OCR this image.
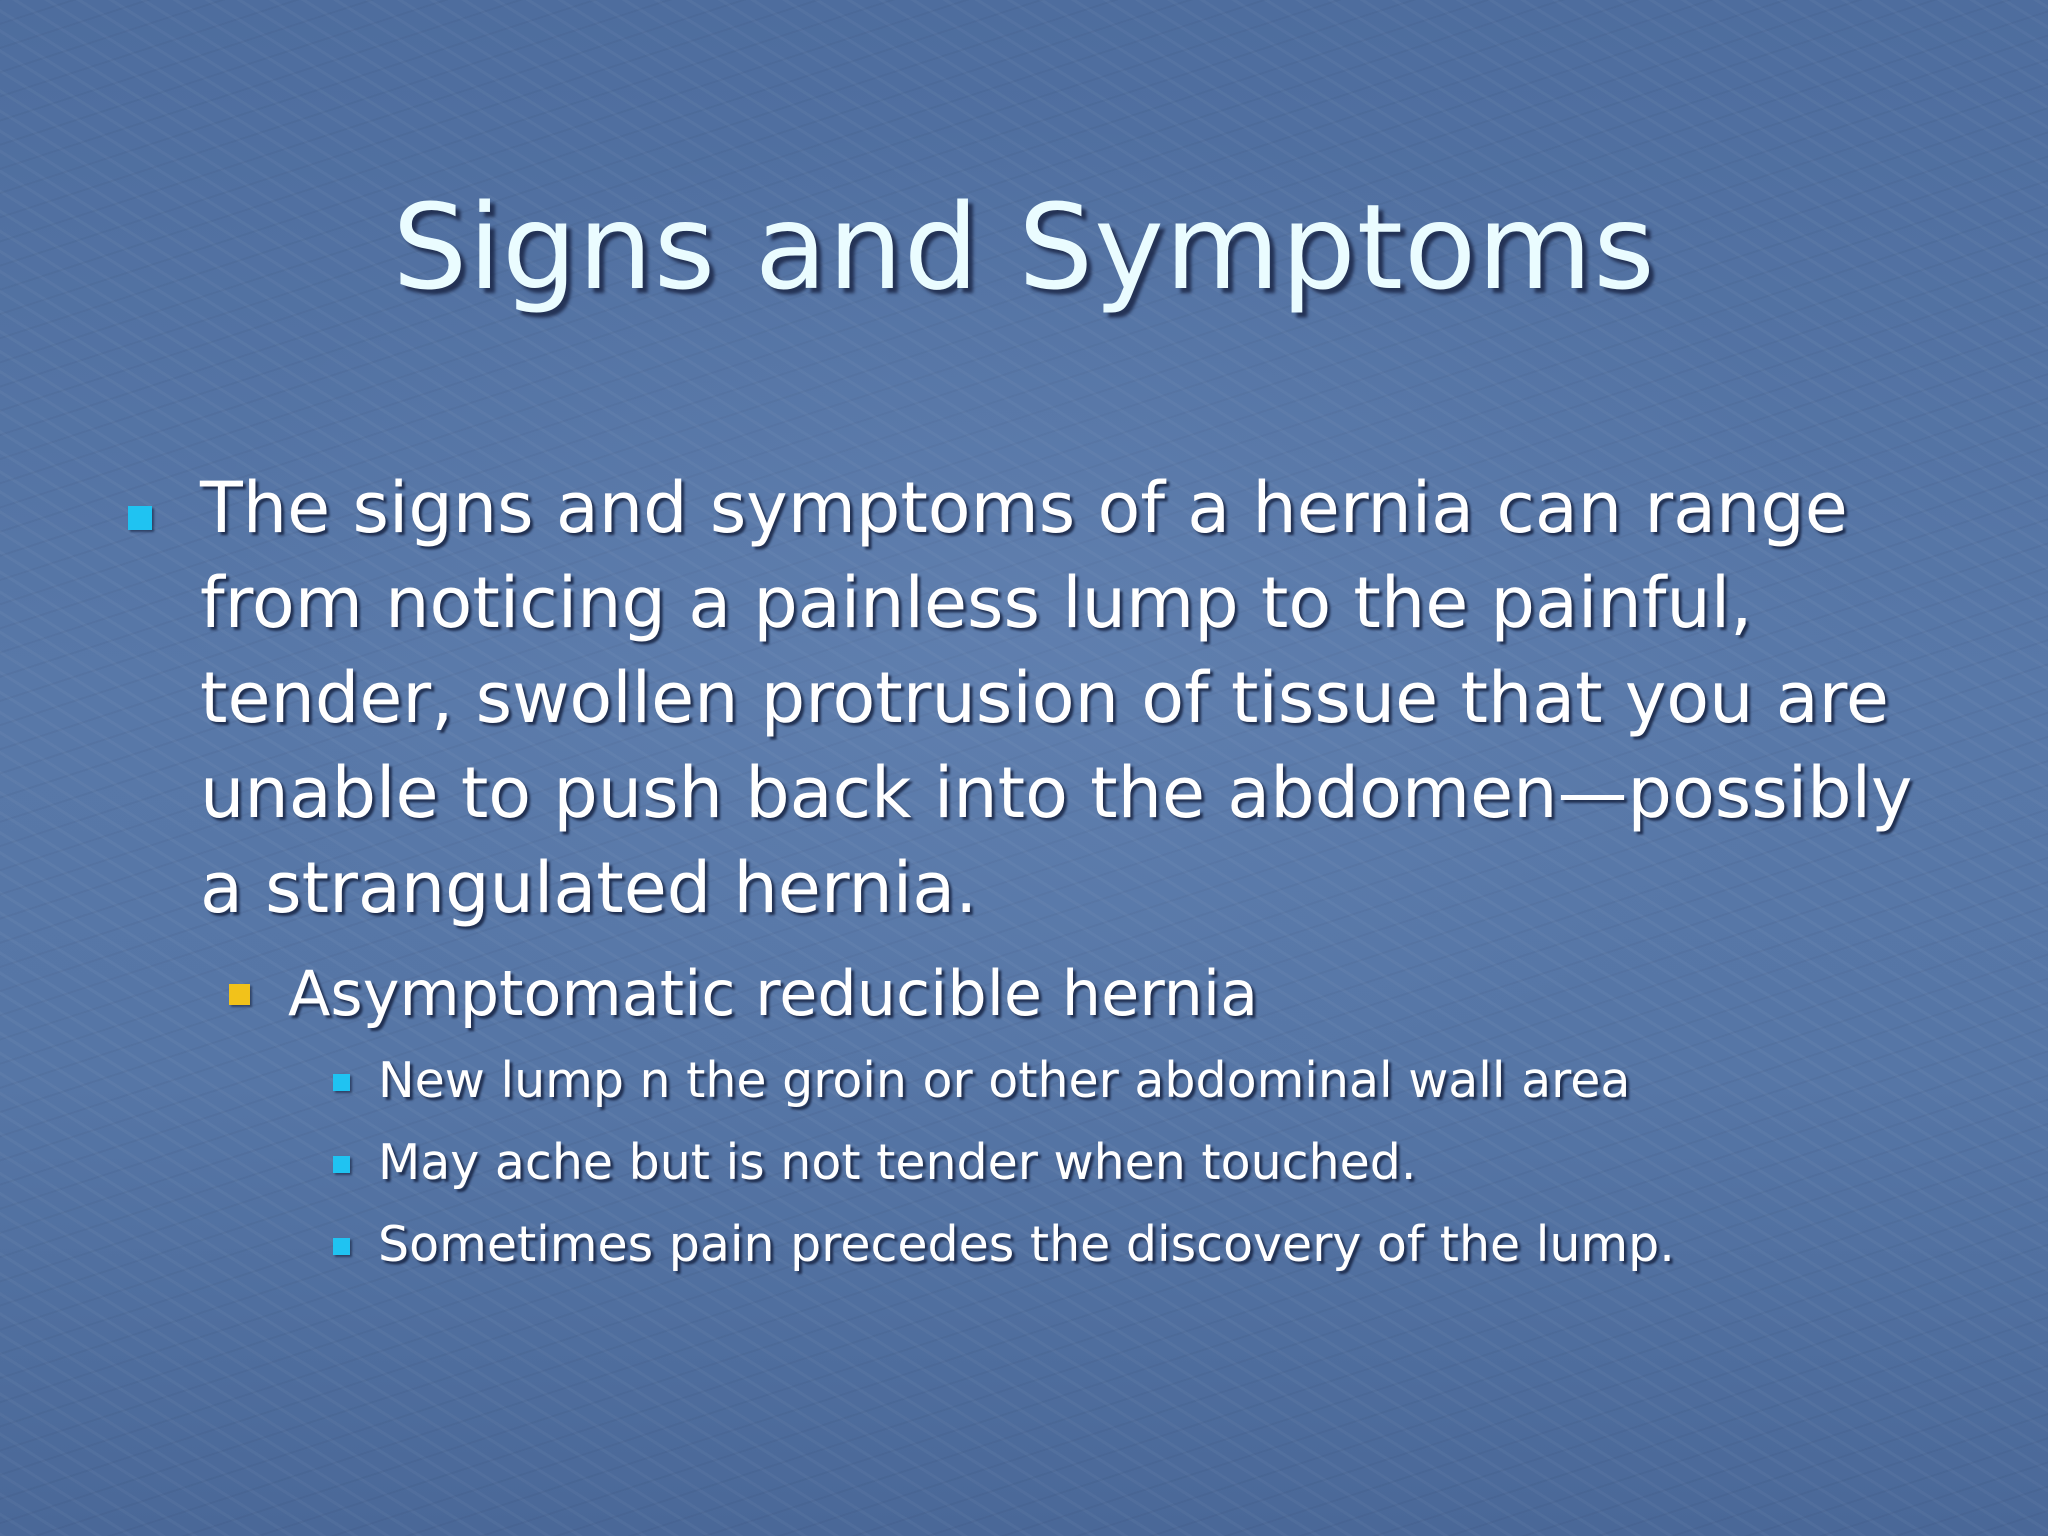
Signs and Symptoms
The signs and symptoms of a hernia can range
from noticing a painless lump to the painful,
tender, swollen protrusion of tissue that you are
unable to push back into the abdomen—possibly
a strangulated hernia.
Asymptomatic reducible hernia
New lump n the groin or other abdominal wall area
May ache but is not tender when touched.
Sometimes pain precedes the discovery of the lump.
